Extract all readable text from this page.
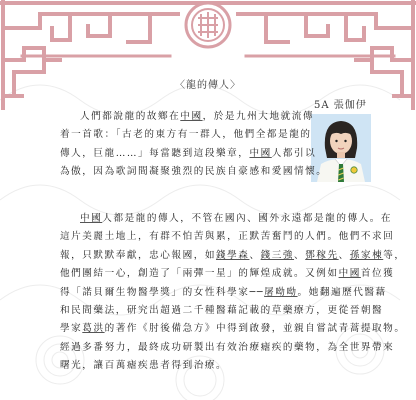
〈龍的傳人〉
5A 張伽伊
人們都說龍的故鄉在中國，於是九州大地就流傳
着一首歌：「古老的東方有一群人，他們全都是龍的
傳人，巨龍……」每當聽到這段樂章，中國人都引以
為傲，因為歌詞間凝聚強烈的民族自豪感和愛國情懷。
中國人都是龍的傳人，不管在國內、國外永遠都是龍的傳人。在
這片美麗土地上，有群不怕苦與累，正默苦奮鬥的人們。他們不求回
報，只默默奉獻，忠心報國，如錢學森、錢三強、鄧稼先、孫家棟等，
他們團結一心，創造了「兩彈一星」的輝煌成就。又例如中國首位獲
得「諾貝爾生物醫學獎」的女性科學家──屠呦呦。她翻遍歷代醫藉
和民間藥法，研究出超過二千種醫藉記載的草藥療方，更從晉朝醫
學家葛洪的著作《肘後備急方》中得到啟發，並親自嘗試青蒿提取物。
經過多番努力，最終成功研製出有效治療瘧疾的藥物，為全世界帶來
曙光，讓百萬瘧疾患者得到治療。
